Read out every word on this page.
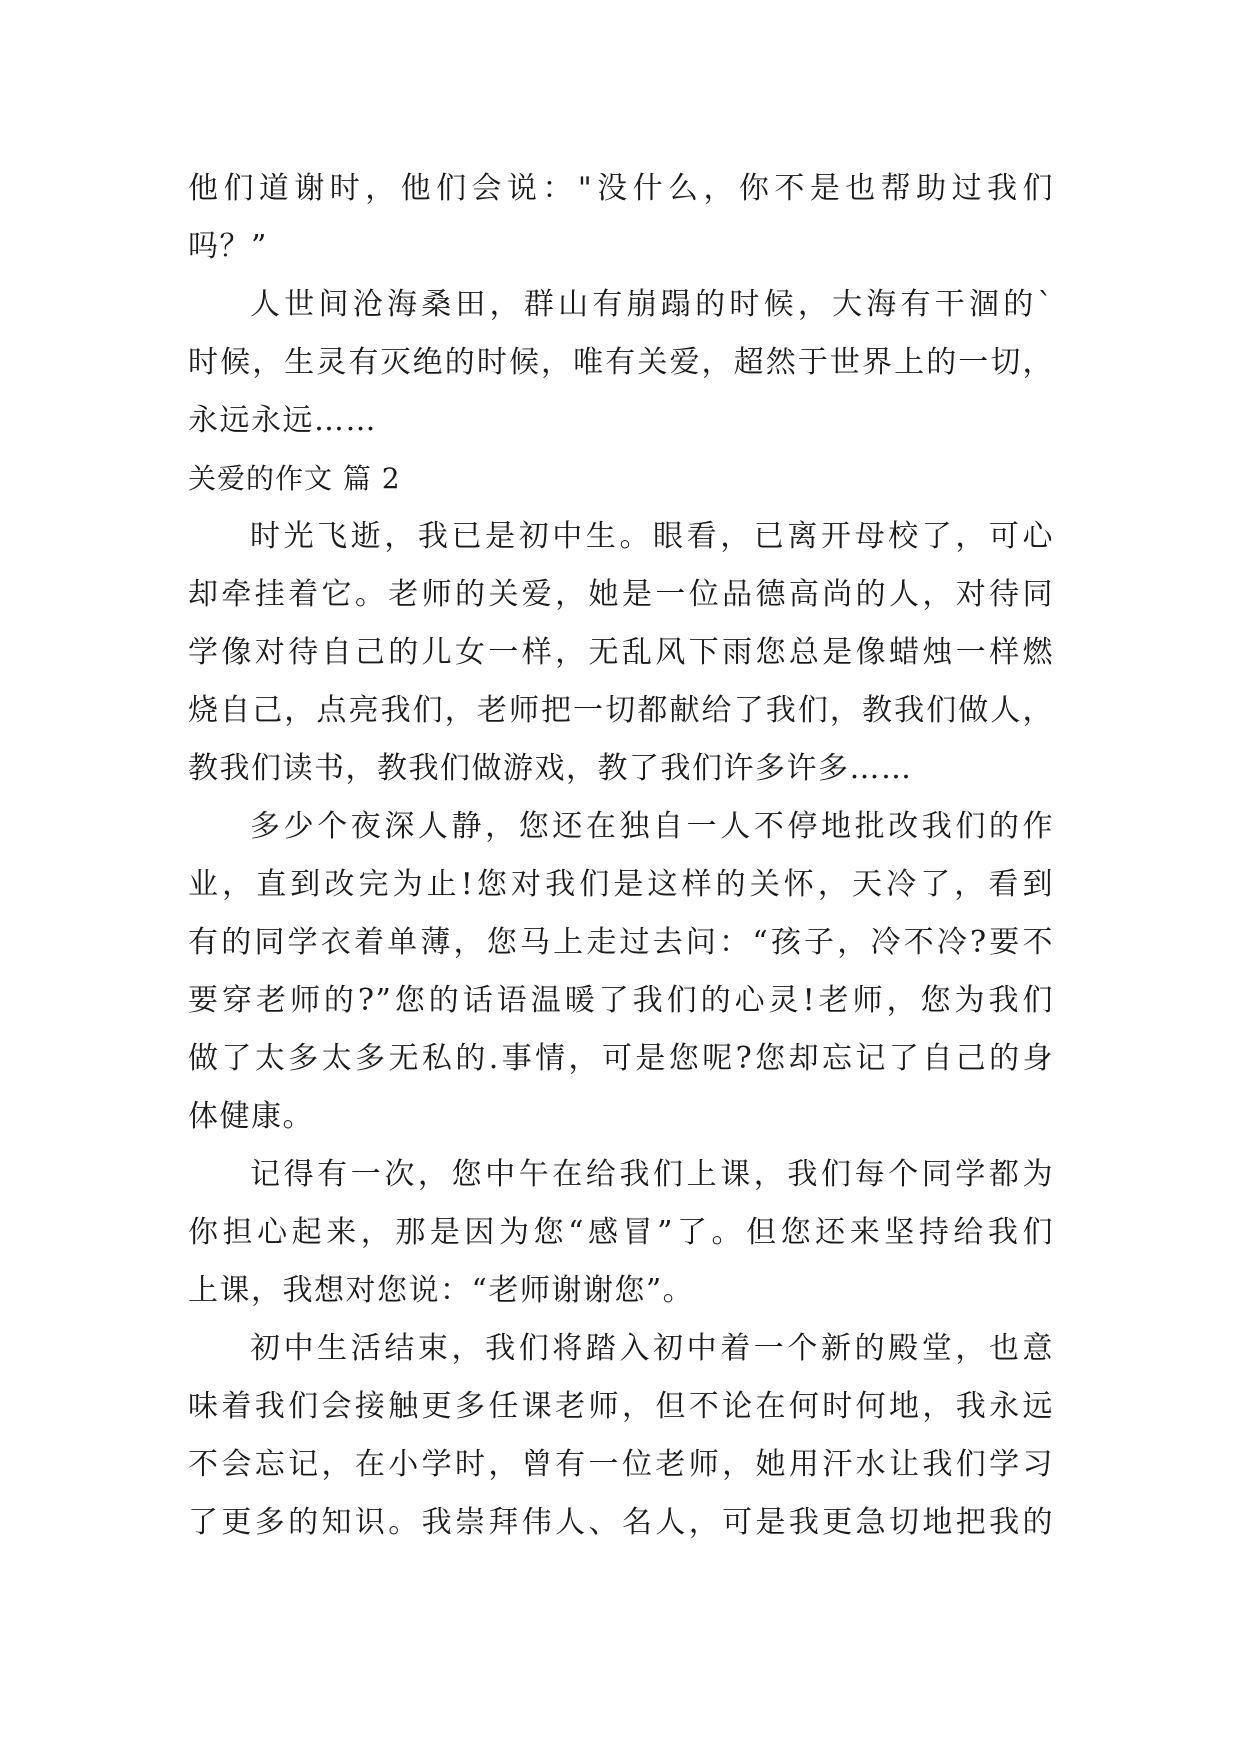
他们道谢时，他们会说："没什么，你不是也帮助过我们
吗？”
人世间沧海桑田，群山有崩蹋的时候，大海有干涸的`
时候，生灵有灭绝的时候，唯有关爱，超然于世界上的一切，
永远永远……
关爱的作文 篇 2
时光飞逝，我已是初中生。眼看，已离开母校了，可心
却牵挂着它。老师的关爱，她是一位品德高尚的人，对待同
学像对待自己的儿女一样，无乱风下雨您总是像蜡烛一样燃
烧自己，点亮我们，老师把一切都献给了我们，教我们做人，
教我们读书，教我们做游戏，教了我们许多许多……
多少个夜深人静，您还在独自一人不停地批改我们的作
业，直到改完为止!您对我们是这样的关怀，天冷了，看到
有的同学衣着单薄，您马上走过去问：“孩子，冷不冷?要不
要穿老师的?”您的话语温暖了我们的心灵!老师，您为我们
做了太多太多无私的.事情，可是您呢?您却忘记了自己的身
体健康。
记得有一次，您中午在给我们上课，我们每个同学都为
你担心起来，那是因为您“感冒”了。但您还来坚持给我们
上课，我想对您说：“老师谢谢您”。
初中生活结束，我们将踏入初中着一个新的殿堂，也意
味着我们会接触更多任课老师，但不论在何时何地，我永远
不会忘记，在小学时，曾有一位老师，她用汗水让我们学习
了更多的知识。我崇拜伟人、名人，可是我更急切地把我的
